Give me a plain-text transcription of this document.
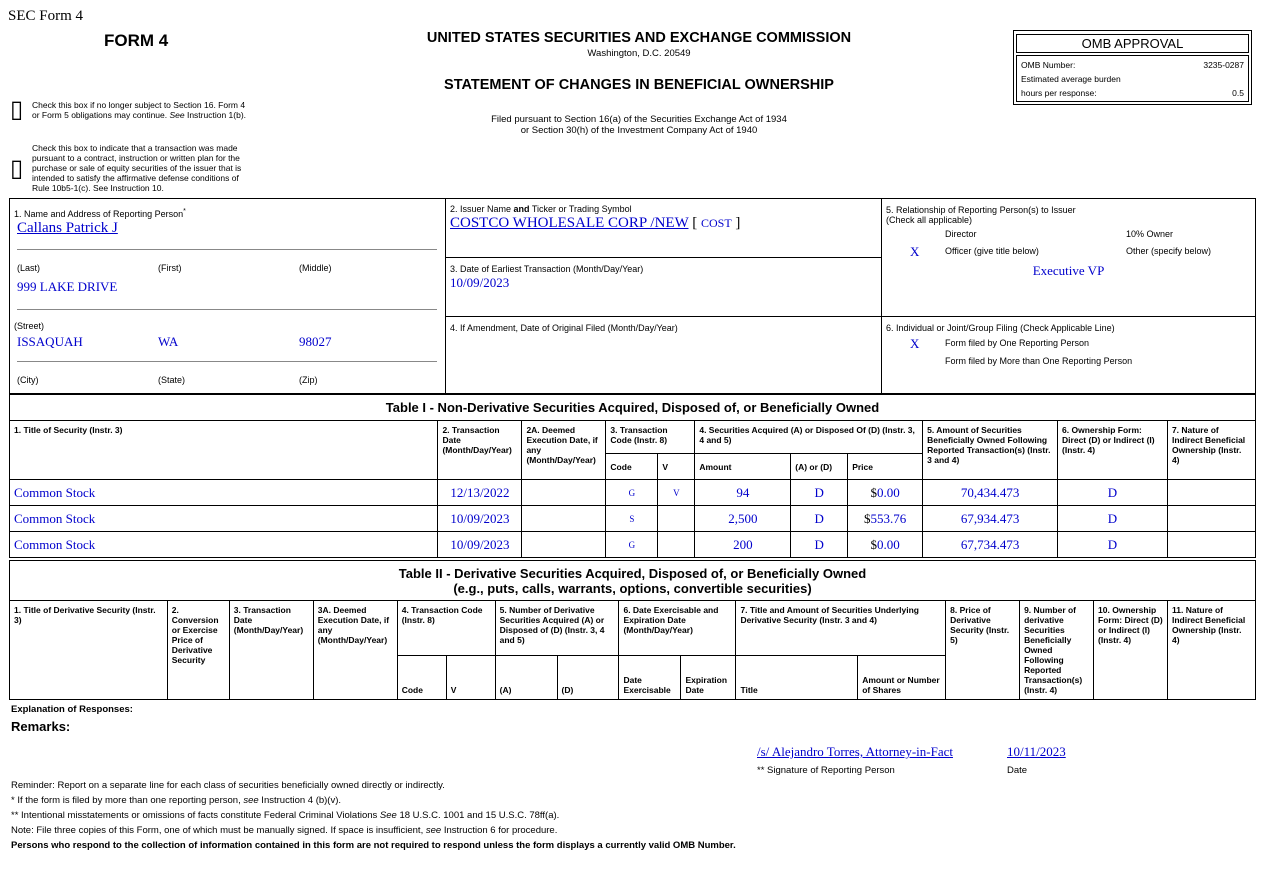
SEC Form 4
FORM 4	UNITED STATES SECURITIES AND EXCHANGE COMMISSION
Washington, D.C. 20549
STATEMENT OF CHANGES IN BENEFICIAL OWNERSHIP
Filed pursuant to Section 16(a) of the Securities Exchange Act of 1934
or Section 30(h) of the Investment Company Act of 1940
OMB APPROVAL
OMB Number:	3235-0287
Estimated average burden
hours per response:	0.5
▯ Check this box if no longer subject to Section 16. Form 4
or Form 5 obligations may continue. See Instruction 1(b).
▯
Check this box to indicate that a transaction was made
pursuant to a contract, instruction or written plan for the
purchase or sale of equity securities of the issuer that is
intended to satisfy the affirmative defense conditions of
Rule 10b5-1(c). See Instruction 10.
1. Name and Address of Reporting Person*
Callans Patrick J
(Last)	(First)	(Middle)
999 LAKE DRIVE
(Street)
ISSAQUAH	WA	98027
(City)	(State)	(Zip)
2. Issuer Name and Ticker or Trading Symbol
COSTCO WHOLESALE CORP /NEW [ COST ]
3. Date of Earliest Transaction (Month/Day/Year)
10/09/2023
4. If Amendment, Date of Original Filed (Month/Day/Year)
5. Relationship of Reporting Person(s) to Issuer
(Check all applicable)
Director	10% Owner
X	Officer (give title below)	Other (specify below)
Executive VP
6. Individual or Joint/Group Filing (Check Applicable Line)
X	Form filed by One Reporting Person
Form filed by More than One Reporting Person
Table I - Non-Derivative Securities Acquired, Disposed of, or Beneficially Owned
1. Title of Security (Instr. 3)	2. Transaction Date (Month/Day/Year)	2A. Deemed Execution Date, if any (Month/Day/Year)	3. Transaction Code (Instr. 8)		4. Securities Acquired (A) or Disposed Of (D) (Instr. 3, 4 and 5)			5. Amount of Securities Beneficially Owned Following Reported Transaction(s) (Instr. 3 and 4)	6. Ownership Form: Direct (D) or Indirect (I) (Instr. 4)	7. Nature of Indirect Beneficial Ownership (Instr. 4)
			Code	V	Amount	(A) or (D)	Price			
Common Stock	12/13/2022		G	V	94	D	$0.00	70,434.473	D	
Common Stock	10/09/2023		S		2,500	D	$553.76	67,934.473	D	
Common Stock	10/09/2023		G		200	D	$0.00	67,734.473	D	
Table II - Derivative Securities Acquired, Disposed of, or Beneficially Owned
(e.g., puts, calls, warrants, options, convertible securities)
1. Title of Derivative Security (Instr. 3)	2. Conversion or Exercise Price of Derivative Security	3. Transaction Date (Month/Day/Year)	3A. Deemed Execution Date, if any (Month/Day/Year)	4. Transaction Code (Instr. 8)		5. Number of Derivative Securities Acquired (A) or Disposed of (D) (Instr. 3, 4 and 5)		6. Date Exercisable and Expiration Date (Month/Day/Year)		7. Title and Amount of Securities Underlying Derivative Security (Instr. 3 and 4)		8. Price of Derivative Security (Instr. 5)	9. Number of derivative Securities Beneficially Owned Following Reported Transaction(s) (Instr. 4)	10. Ownership Form: Direct (D) or Indirect (I) (Instr. 4)	11. Nature of Indirect Beneficial Ownership (Instr. 4)
				Code	V	(A)	(D)	Date Exercisable	Expiration Date	Title	Amount or Number of Shares				
Explanation of Responses:
Remarks:
/s/ Alejandro Torres, Attorney-in-Fact	10/11/2023
** Signature of Reporting Person	Date
Reminder: Report on a separate line for each class of securities beneficially owned directly or indirectly.
* If the form is filed by more than one reporting person, see Instruction 4 (b)(v).
** Intentional misstatements or omissions of facts constitute Federal Criminal Violations See 18 U.S.C. 1001 and 15 U.S.C. 78ff(a).
Note: File three copies of this Form, one of which must be manually signed. If space is insufficient, see Instruction 6 for procedure.
Persons who respond to the collection of information contained in this form are not required to respond unless the form displays a currently valid OMB Number.
